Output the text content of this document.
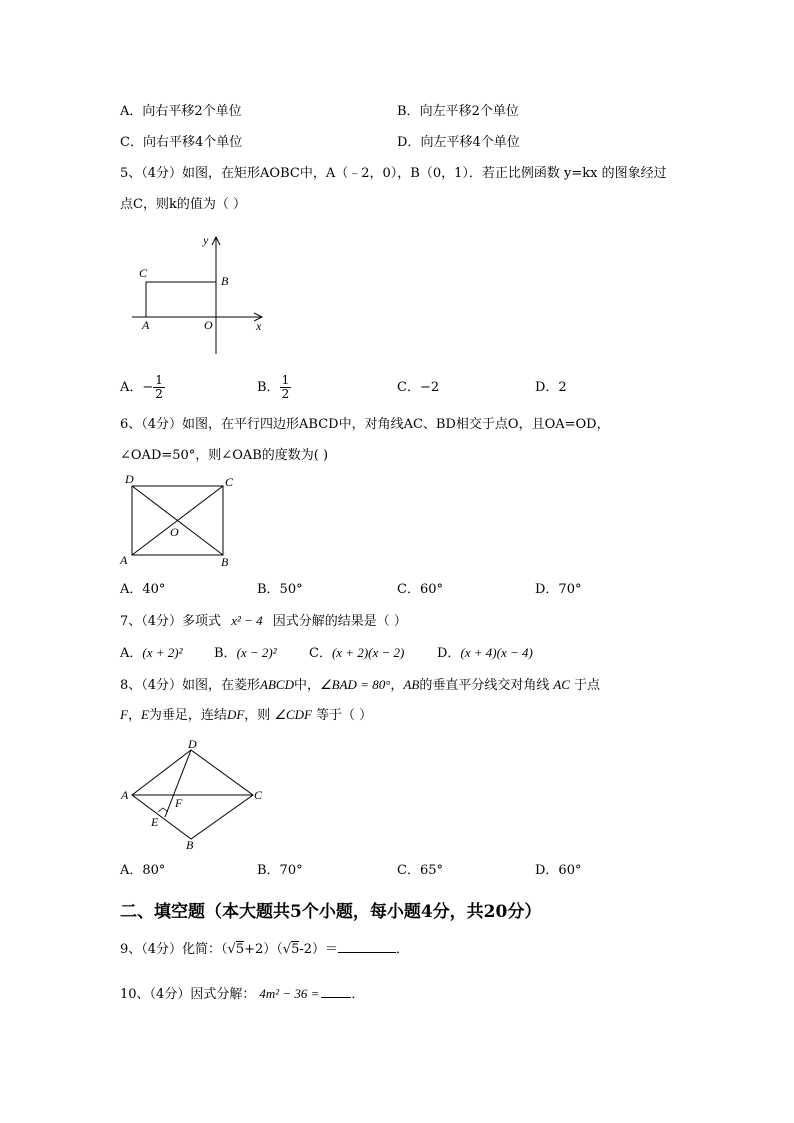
A．向右平移2个单位	B．向左平移2个单位
C．向右平移4个单位	D．向左平移4个单位
5、（4分）如图，在矩形AOBC中，A（﹣2，0），B（0，1）．若正比例函数 y=kx 的图象经过
点C，则k的值为（ ）
y
x
C
B
A	O
A．− $\frac{1}{2}$	B． $\frac{1}{2}$	C．−2	D．2
6、（4分）如图，在平行四边形ABCD中，对角线AC、BD相交于点O，且OA=OD，
∠OAD=50°，则∠OAB的度数为( )
D	C
O
A	B
A．40°	B．50°	C．60°	D．70°
7、（4分）多项式 x² − 4 因式分解的结果是（ ）
A．(x + 2)² B．(x − 2)² C．(x + 2)(x − 2)	D．(x + 4)(x − 4)
8、（4分）如图，在菱形ABCD中，∠BAD = 80°，AB的垂直平分线交对角线 AC 于点
F，E为垂足，连结DF，则 ∠CDF 等于（ ）
D
A
F
C
E
B
A．80°	B．70°	C．65°	D．60°
二、填空题（本大题共5个小题，每小题4分，共20分）
9、（4分）化简：（√5+2）（√5-2）＝	．
10、（4分）因式分解： 4m² − 36 = ．
